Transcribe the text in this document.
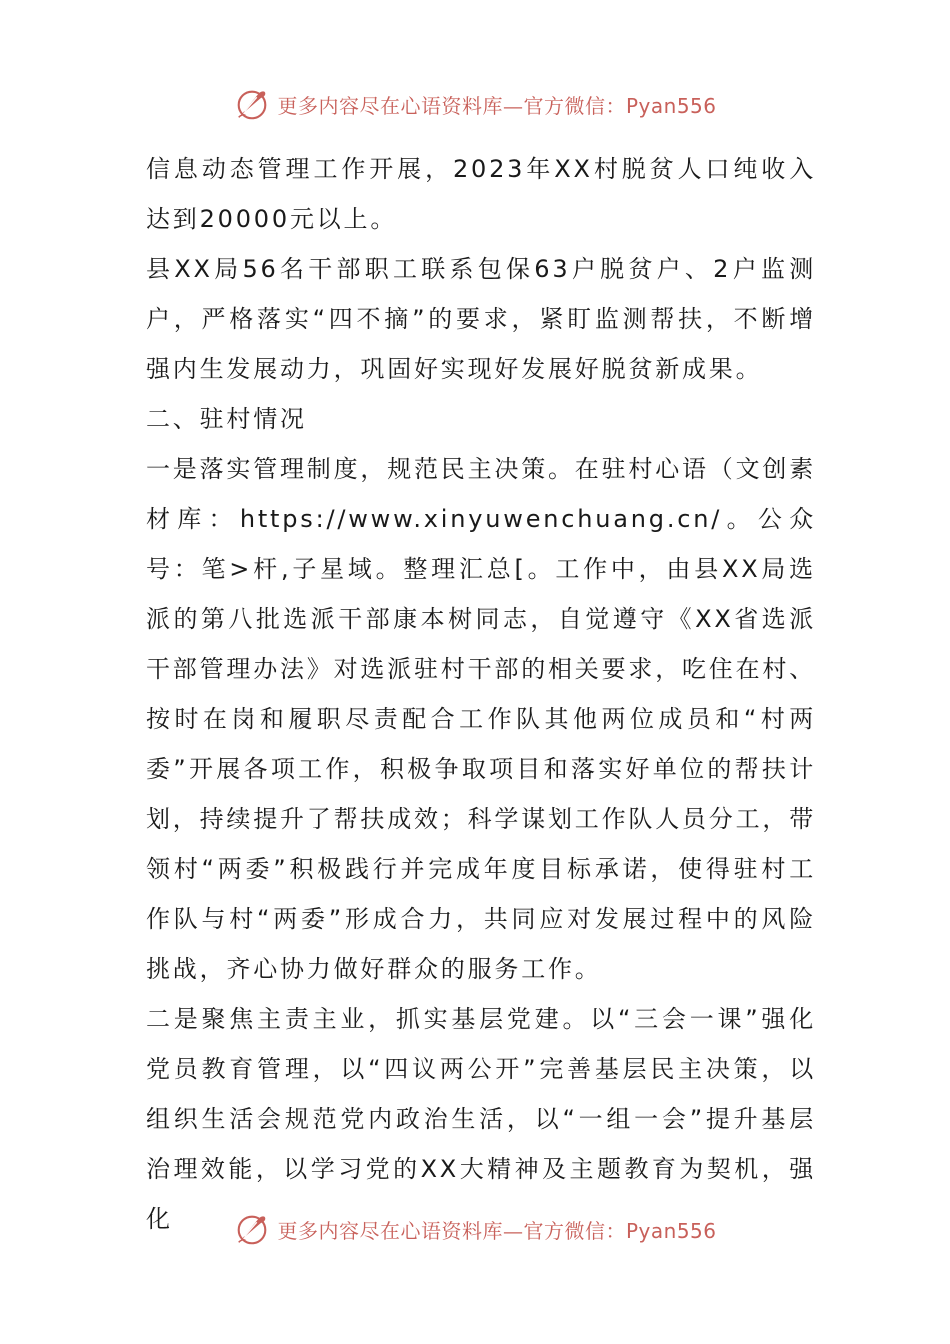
更多内容尽在心语资料库—官方微信：Pyan556

信息动态管理工作开展，2023年XX村脱贫人口纯收入达到20000元以上。

县XX局56名干部职工联系包保63户脱贫户、2户监测户，严格落实“四不摘”的要求，紧盯监测帮扶，不断增强内生发展动力，巩固好实现好发展好脱贫新成果。

二、驻村情况

一是落实管理制度，规范民主决策。在驻村心语（文创素材库：https://www.xinyuwenchuang.cn/。公众号：笔>杆,子星域。整理汇总[。工作中，由县XX局选派的第八批选派干部康本树同志，自觉遵守《XX省选派干部管理办法》对选派驻村干部的相关要求，吃住在村、按时在岗和履职尽责配合工作队其他两位成员和“村两委”开展各项工作，积极争取项目和落实好单位的帮扶计划，持续提升了帮扶成效；科学谋划工作队人员分工，带领村“两委”积极践行并完成年度目标承诺，使得驻村工作队与村“两委”形成合力，共同应对发展过程中的风险挑战，齐心协力做好群众的服务工作。

二是聚焦主责主业，抓实基层党建。以“三会一课”强化党员教育管理，以“四议两公开”完善基层民主决策，以组织生活会规范党内政治生活，以“一组一会”提升基层治理效能，以学习党的XX大精神及主题教育为契机，强化	更多内容尽在心语资料库—官方微信：Pyan556
